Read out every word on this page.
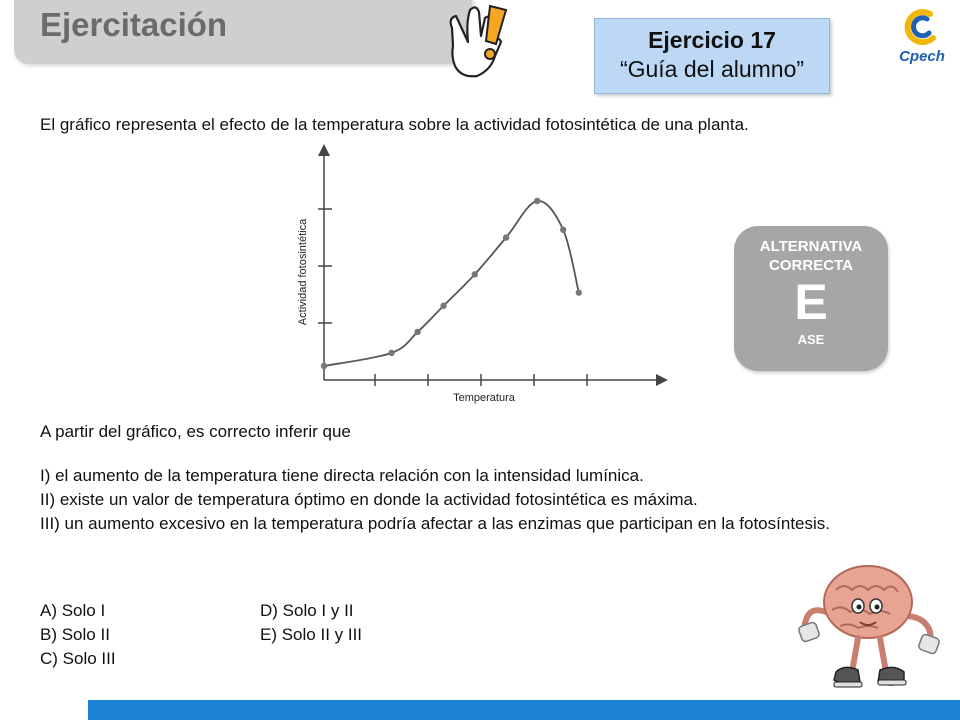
Ejercitación	Ejercicio 17
“Guía del alumno”	Cpech

El gráfico representa el efecto de la temperatura sobre la actividad fotosintética de una planta.

Temperatura
Actividad fotosintética	ALTERNATIVA CORRECTA
E
ASE

A partir del gráfico, es correcto inferir que

I) el aumento de la temperatura tiene directa relación con la intensidad lumínica.

II) existe un valor de temperatura óptimo en donde la actividad fotosintética es máxima.

III) un aumento excesivo en la temperatura podría afectar a las enzimas que participan en la fotosíntesis.

A) Solo I

B) Solo II

C) Solo III

D) Solo I y II

E) Solo II y III
